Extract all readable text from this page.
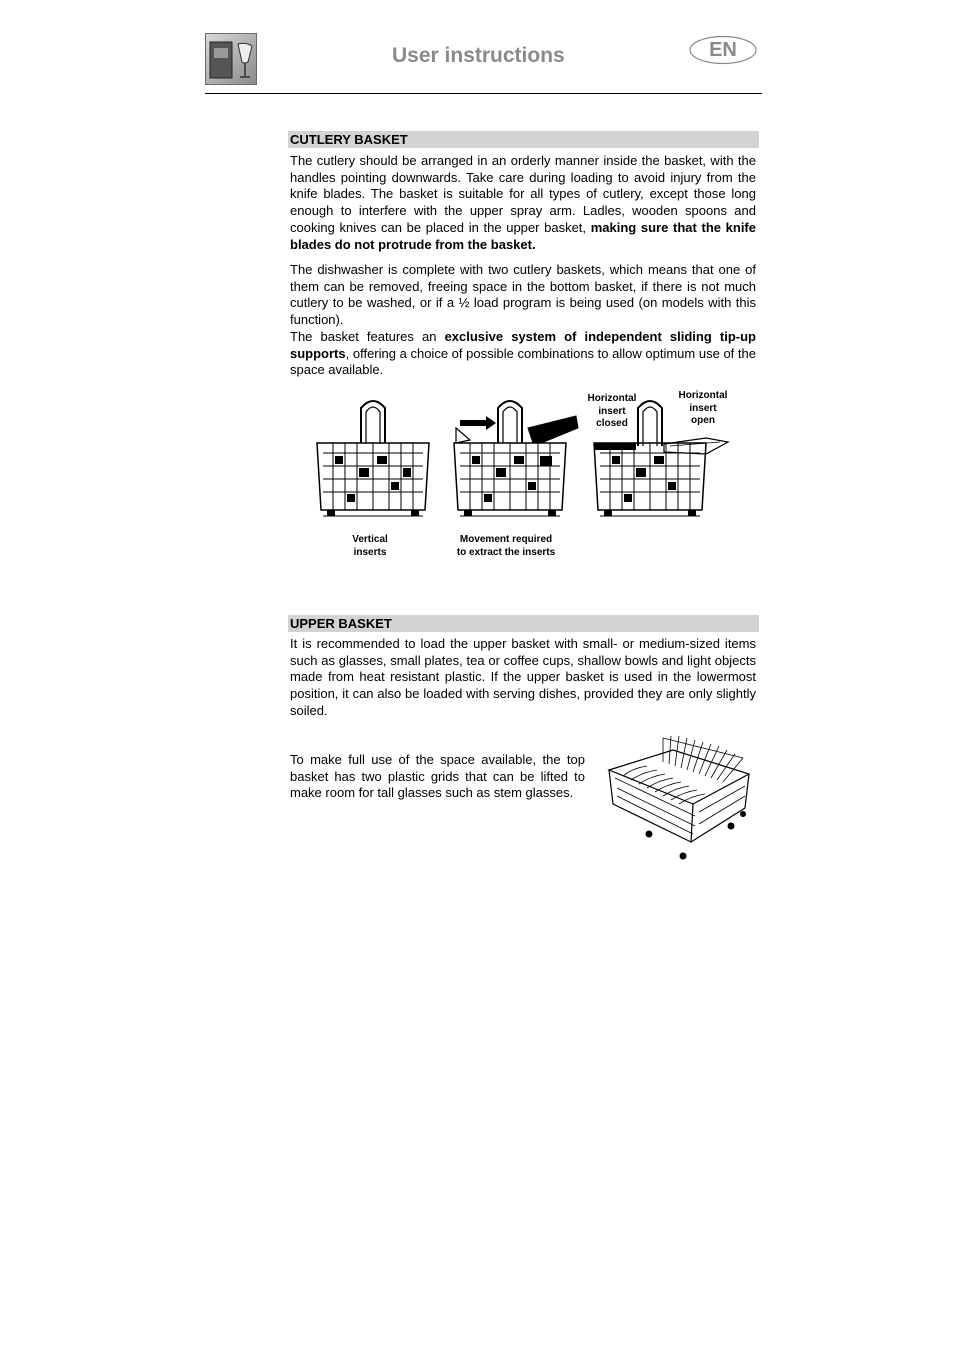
User instructions	EN
CUTLERY BASKET

The cutlery should be arranged in an orderly manner inside the basket, with the handles pointing downwards. Take care during loading to avoid injury from the knife blades. The basket is suitable for all types of cutlery, except those long enough to interfere with the upper spray arm. Ladles, wooden spoons and cooking knives can be placed in the upper basket, making sure that the knife blades do not protrude from the basket.

The dishwasher is complete with two cutlery baskets, which means that one of them can be removed, freeing space in the bottom basket, if there is not much cutlery to be washed, or if a ½ load program is being used (on models with this function).

The basket features an exclusive system of independent sliding tip-up supports, offering a choice of possible combinations to allow optimum use of the space available.

Vertical
inserts
Movement required
to extract the inserts
Horizontal
insert
closed
Horizontal
insert
open
UPPER BASKET

It is recommended to load the upper basket with small- or medium-sized items such as glasses, small plates, tea or coffee cups, shallow bowls and light objects made from heat resistant plastic. If the upper basket is used in the lowermost position, it can also be loaded with serving dishes, provided they are only slightly soiled.

To make full use of the space available, the top basket has two plastic grids that can be lifted to make room for tall glasses such as stem glasses.
